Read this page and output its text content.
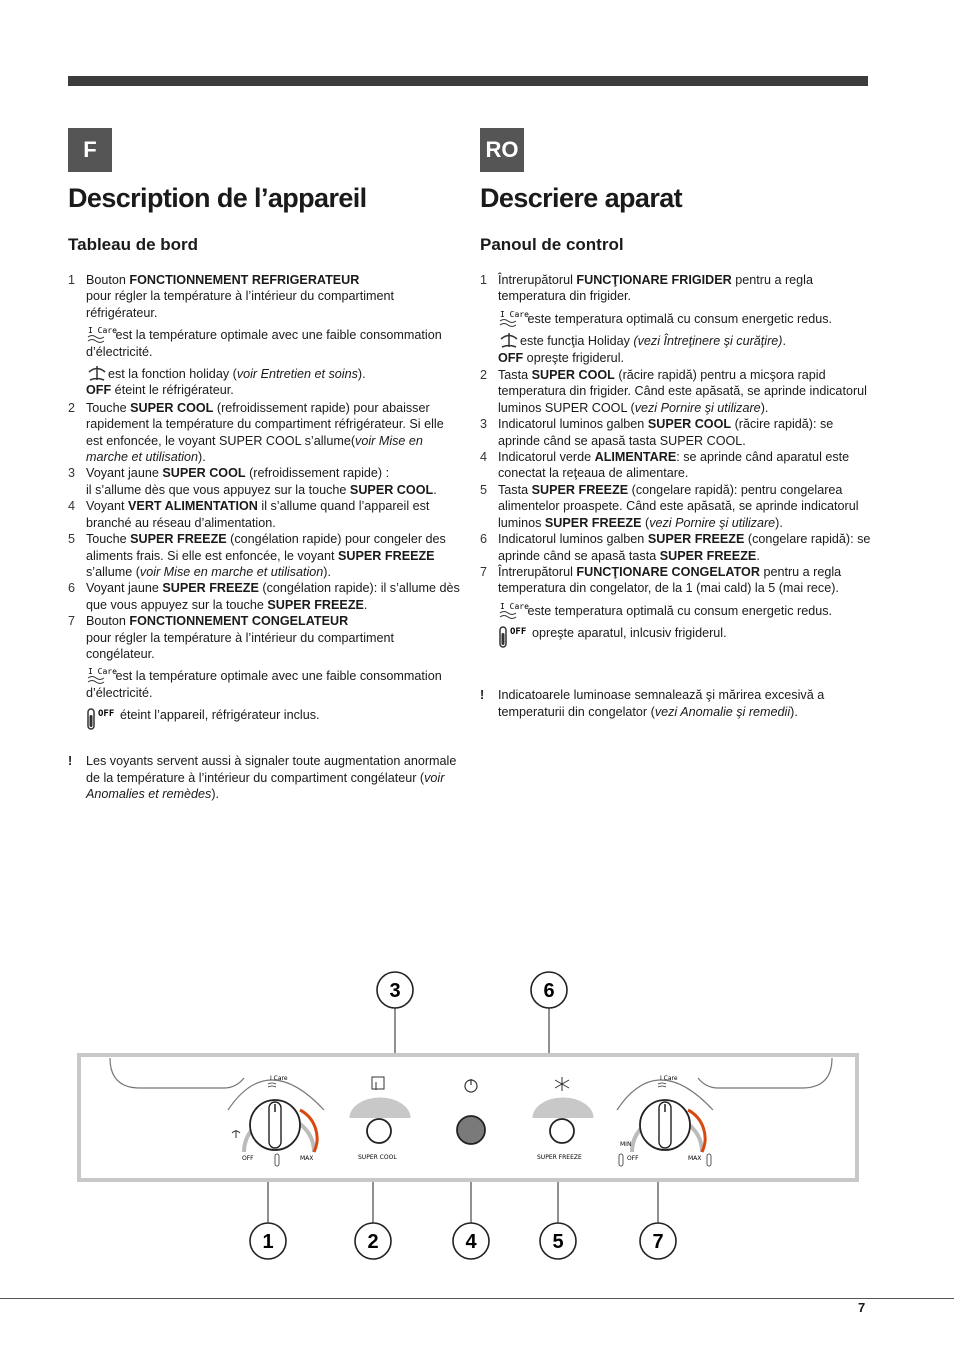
F	RO
Description de l’appareil
Tableau de bord
1 Bouton FONCTIONNEMENT REFRIGERATEUR
pour régler la température à l’intérieur du compartiment réfrigérateur.
I Care
est la température optimale avec une faible consommation d’électricité.
est la fonction holiday (voir Entretien et soins).
OFF éteint le réfrigérateur.
2 Touche SUPER COOL (refroidissement rapide) pour abaisser rapidement la température du compartiment réfrigérateur. Si elle est enfoncée, le voyant SUPER COOL s’allume(voir Mise en marche et utilisation).
3 Voyant jaune SUPER COOL (refroidissement rapide) :
il s’allume dès que vous appuyez sur la touche SUPER COOL.
4 Voyant VERT ALIMENTATION il s’allume quand l’appareil est branché au réseau d’alimentation.
5 Touche SUPER FREEZE (congélation rapide) pour congeler des aliments frais. Si elle est enfoncée, le voyant SUPER FREEZE s’allume (voir Mise en marche et utilisation).
6 Voyant jaune SUPER FREEZE (congélation rapide): il s’allume dès que vous appuyez sur la touche SUPER FREEZE.
7 Bouton FONCTIONNEMENT CONGELATEUR
pour régler la température à l’intérieur du compartiment congélateur.
I Care
est la température optimale avec une faible consommation d’électricité.
OFF éteint l’appareil, réfrigérateur inclus.
! Les voyants servent aussi à signaler toute augmentation anormale de la température à l’intérieur du compartiment congélateur (voir Anomalies et remèdes).
Descriere aparat
Panoul de control
1 Întrerupătorul FUNCŢIONARE FRIGIDER pentru a regla temperatura din frigider.
I Care
este temperatura optimală cu consum energetic redus.
este funcţia Holiday (vezi Întreţinere şi curăţire).
OFF opreşte frigiderul.
2 Tasta SUPER COOL (răcire rapidă) pentru a micşora rapid temperatura din frigider. Când este apăsată, se aprinde indicatorul luminos SUPER COOL (vezi Pornire şi utilizare).
3 Indicatorul luminos galben SUPER COOL (răcire rapidă): se aprinde când se apasă tasta SUPER COOL.
4 Indicatorul verde ALIMENTARE: se aprinde când aparatul este conectat la reţeaua de alimentare.
5 Tasta SUPER FREEZE (congelare rapidă): pentru congelarea alimentelor proaspete. Când este apăsată, se aprinde indicatorul luminos SUPER FREEZE (vezi Pornire şi utilizare).
6 Indicatorul luminos galben SUPER FREEZE (congelare rapidă): se aprinde când se apasă tasta SUPER FREEZE.
7 Întrerupătorul FUNCŢIONARE CONGELATOR pentru a regla temperatura din congelator, de la 1 (mai cald) la 5 (mai rece).
I Care
este temperatura optimală cu consum energetic redus.
OFF opreşte aparatul, inlcusiv frigiderul.
! Indicatoarele luminoase semnalează şi mărirea excesivă a temperaturii din congelator (vezi Anomalie şi remedii).
I Care
OFF	MAX	SUPER COOL	SUPER FREEZE
I Care
MIN
OFF	MAX
3	6
1	2	4	5	7
7
